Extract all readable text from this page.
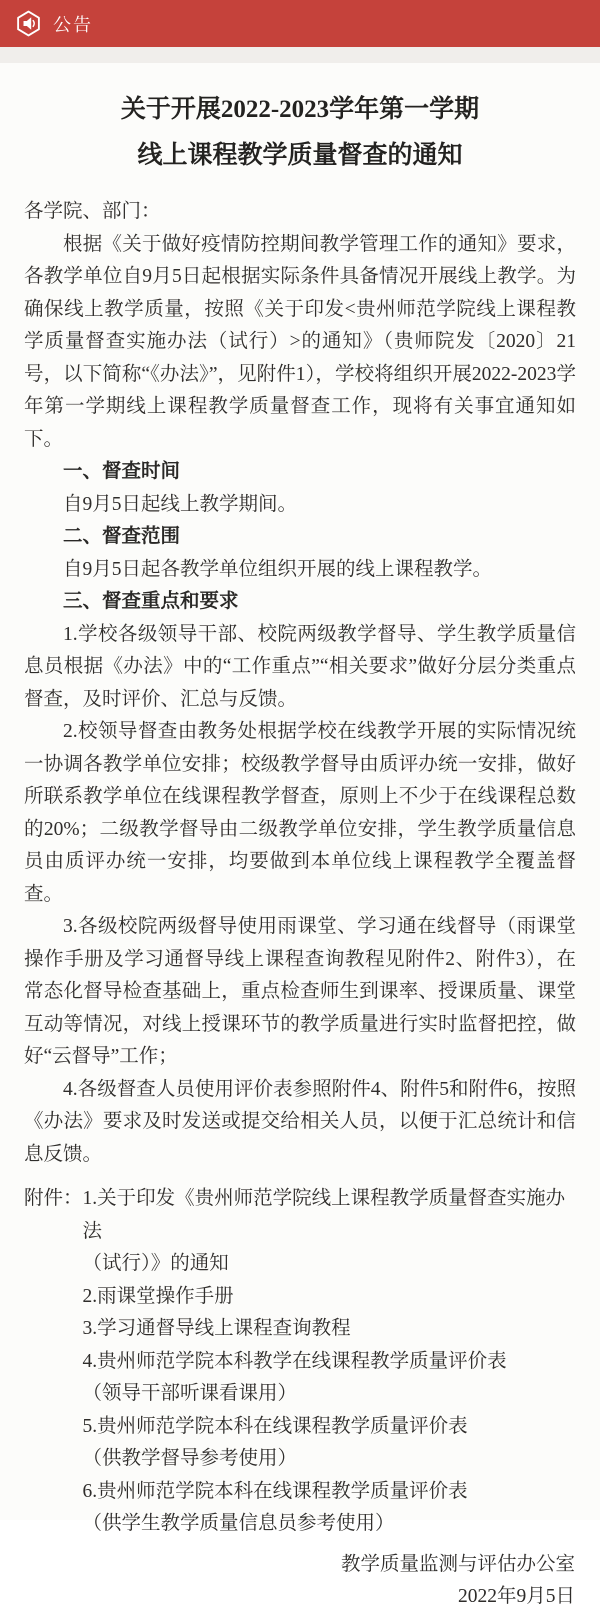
公告
关于开展2022-2023学年第一学期
线上课程教学质量督查的通知

各学院、部门：

根据《关于做好疫情防控期间教学管理工作的通知》要求，各教学单位自9月5日起根据实际条件具备情况开展线上教学。为确保线上教学质量，按照《关于印发<贵州师范学院线上课程教学质量督查实施办法（试行）>的通知》（贵师院发〔2020〕21号，以下简称“《办法》”，见附件1），学校将组织开展2022-2023学年第一学期线上课程教学质量督查工作，现将有关事宜通知如下。

一、督查时间

自9月5日起线上教学期间。

二、督查范围

自9月5日起各教学单位组织开展的线上课程教学。

三、督查重点和要求

1.学校各级领导干部、校院两级教学督导、学生教学质量信息员根据《办法》中的“工作重点”“相关要求”做好分层分类重点督查，及时评价、汇总与反馈。

2.校领导督查由教务处根据学校在线教学开展的实际情况统一协调各教学单位安排；校级教学督导由质评办统一安排，做好所联系教学单位在线课程教学督查，原则上不少于在线课程总数的20%；二级教学督导由二级教学单位安排，学生教学质量信息员由质评办统一安排，均要做到本单位线上课程教学全覆盖督查。

3.各级校院两级督导使用雨课堂、学习通在线督导（雨课堂操作手册及学习通督导线上课程查询教程见附件2、附件3），在常态化督导检查基础上，重点检查师生到课率、授课质量、课堂互动等情况，对线上授课环节的教学质量进行实时监督把控，做好“云督导”工作；

4.各级督查人员使用评价表参照附件4、附件5和附件6，按照《办法》要求及时发送或提交给相关人员，以便于汇总统计和信息反馈。

附件： 1.关于印发《贵州师范学院线上课程教学质量督查实施办法
（试行）》的通知
2.雨课堂操作手册
3.学习通督导线上课程查询教程
4.贵州师范学院本科教学在线课程教学质量评价表
（领导干部听课看课用）
5.贵州师范学院本科在线课程教学质量评价表
（供教学督导参考使用）
6.贵州师范学院本科在线课程教学质量评价表
（供学生教学质量信息员参考使用）
教学质量监测与评估办公室
2022年9月5日
